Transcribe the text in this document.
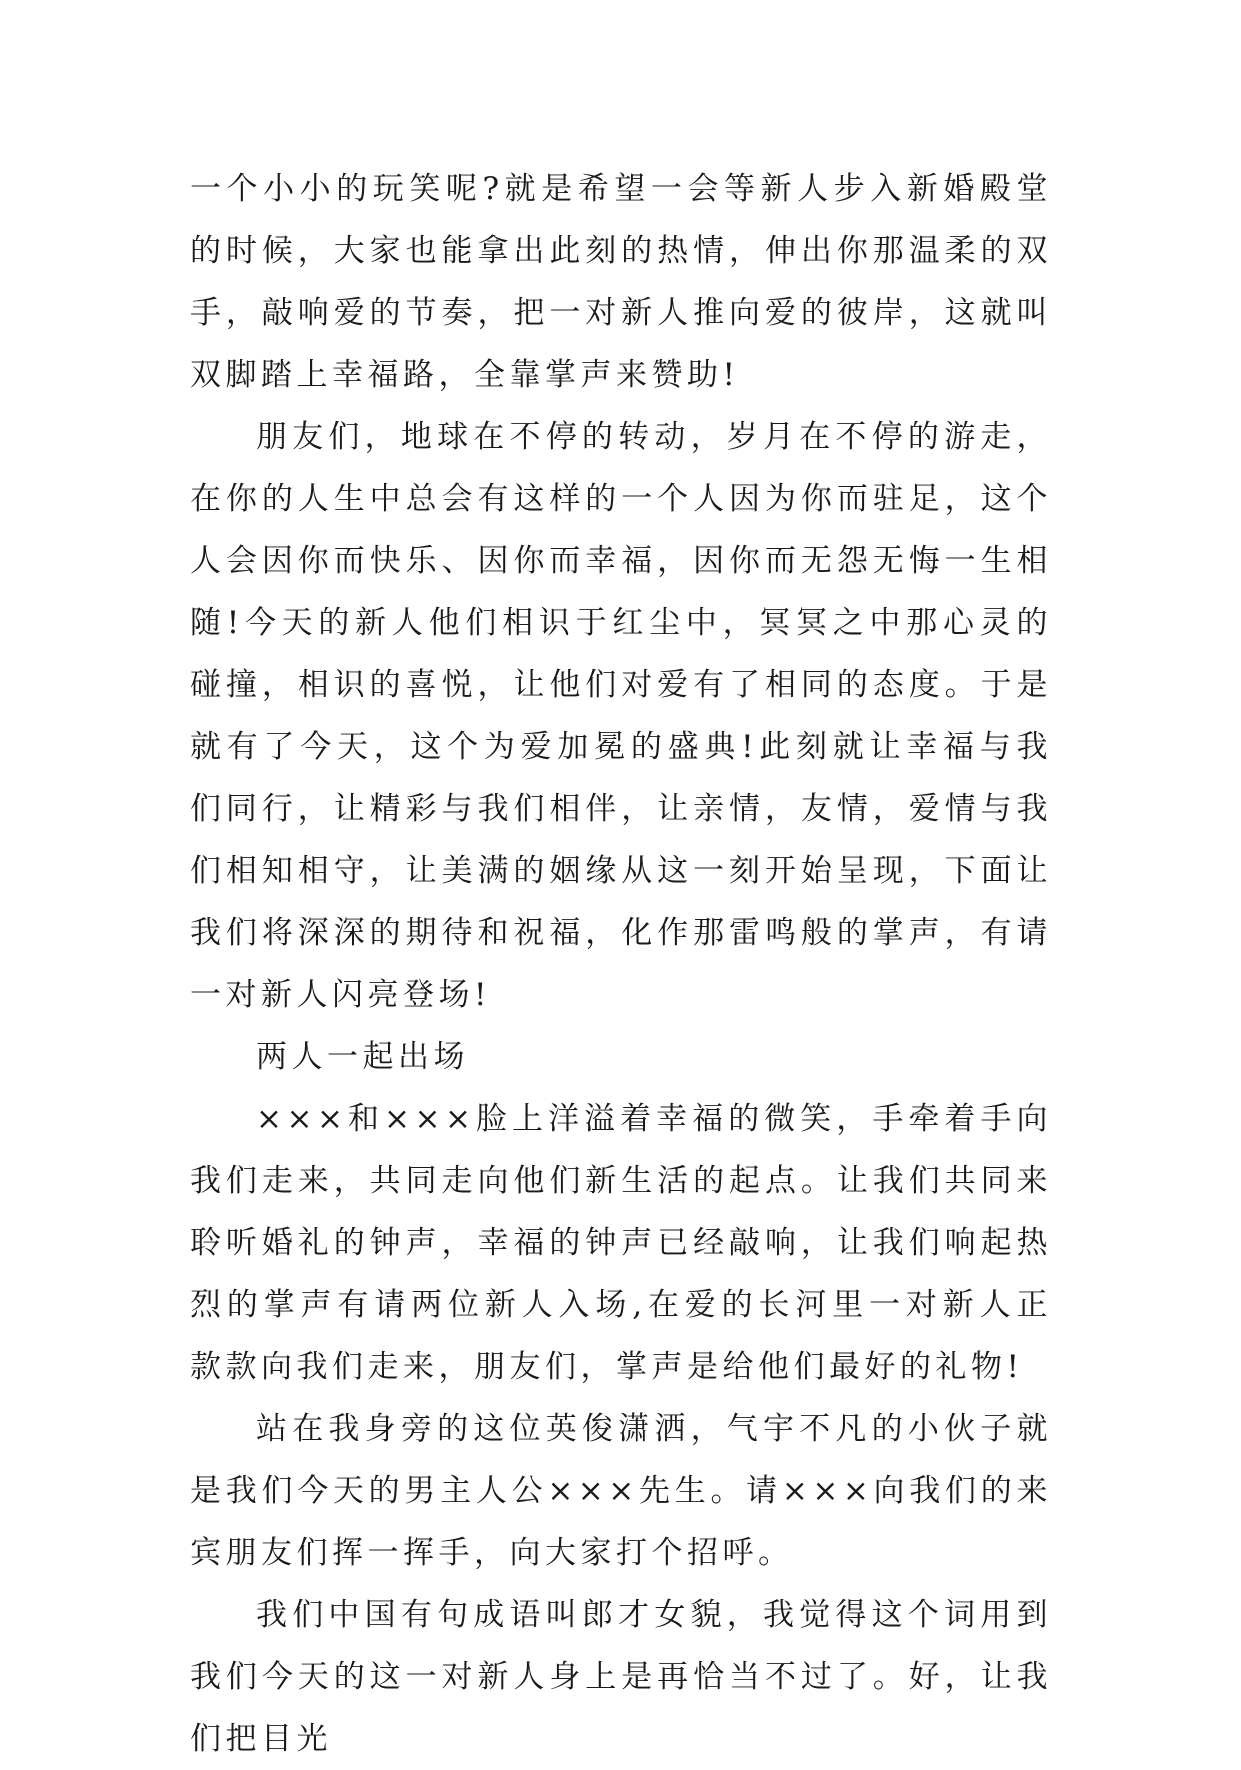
一个小小的玩笑呢?就是希望一会等新人步入新婚殿堂的时候，大家也能拿出此刻的热情，伸出你那温柔的双手，敲响爱的节奏，把一对新人推向爱的彼岸，这就叫双脚踏上幸福路，全靠掌声来赞助!

朋友们，地球在不停的转动，岁月在不停的游走，在你的人生中总会有这样的一个人因为你而驻足，这个人会因你而快乐、因你而幸福，因你而无怨无悔一生相随!今天的新人他们相识于红尘中，冥冥之中那心灵的碰撞，相识的喜悦，让他们对爱有了相同的态度。于是就有了今天，这个为爱加冕的盛典!此刻就让幸福与我们同行，让精彩与我们相伴，让亲情，友情，爱情与我们相知相守，让美满的姻缘从这一刻开始呈现，下面让我们将深深的期待和祝福，化作那雷鸣般的掌声，有请一对新人闪亮登场!

两人一起出场

×××和×××脸上洋溢着幸福的微笑，手牵着手向我们走来，共同走向他们新生活的起点。让我们共同来聆听婚礼的钟声，幸福的钟声已经敲响，让我们响起热烈的掌声有请两位新人入场,在爱的长河里一对新人正款款向我们走来，朋友们，掌声是给他们最好的礼物!

站在我身旁的这位英俊潇洒，气宇不凡的小伙子就是我们今天的男主人公×××先生。请×××向我们的来宾朋友们挥一挥手，向大家打个招呼。

我们中国有句成语叫郎才女貌，我觉得这个词用到我们今天的这一对新人身上是再恰当不过了。好，让我们把目光
